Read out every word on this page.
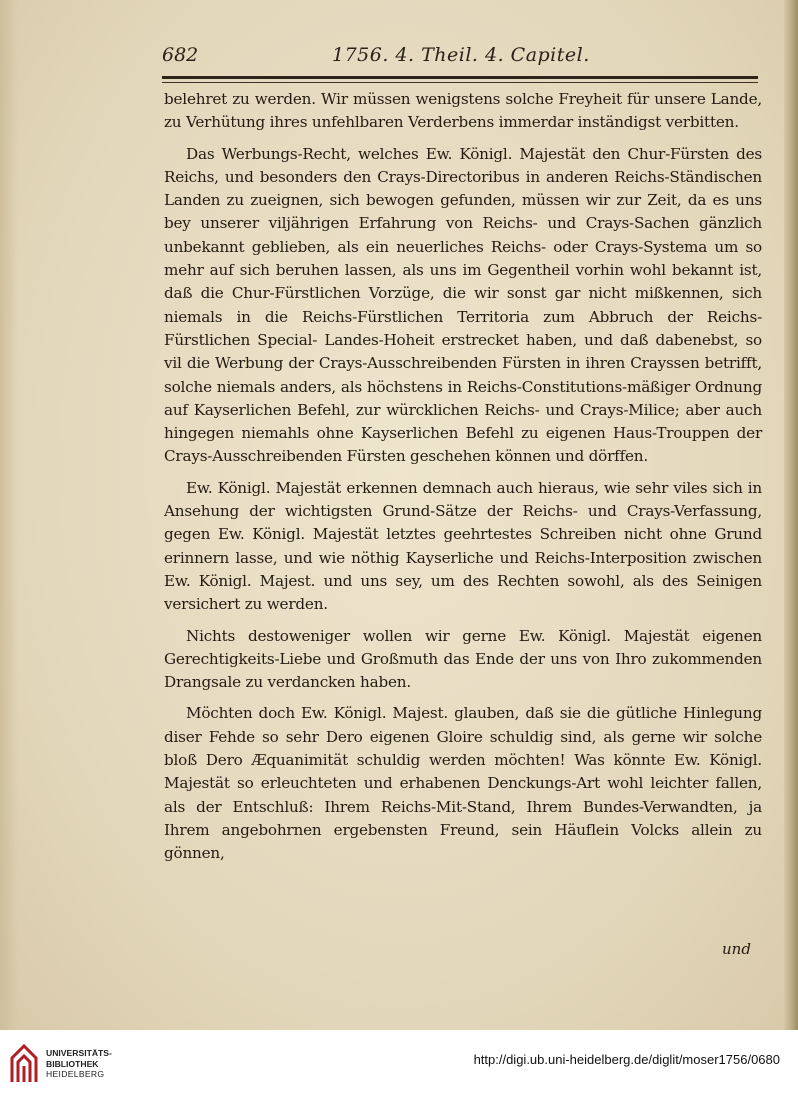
682	1756. 4. Theil. 4. Capitel.

belehret zu werden. Wir müssen wenigstens solche Freyheit für unsere Lande, zu Verhütung ihres unfehlbaren Verderbens immerdar inständigst verbitten.

Das Werbungs-Recht, welches Ew. Königl. Majestät den Chur-Fürsten des Reichs, und besonders den Crays-Directoribus in anderen Reichs-Ständischen Landen zu zueignen, sich bewogen gefunden, müssen wir zur Zeit, da es uns bey unserer viljährigen Erfahrung von Reichs- und Crays-Sachen gänzlich unbekannt geblieben, als ein neuerliches Reichs- oder Crays-Systema um so mehr auf sich beruhen lassen, als uns im Gegentheil vorhin wohl bekannt ist, daß die Chur-Fürstlichen Vorzüge, die wir sonst gar nicht mißkennen, sich niemals in die Reichs-Fürstlichen Territoria zum Abbruch der Reichs-Fürstlichen Special- Landes-Hoheit erstrecket haben, und daß dabenebst, so vil die Werbung der Crays-Ausschreibenden Fürsten in ihren Crayssen betrifft, solche niemals anders, als höchstens in Reichs-Constitutions-mäßiger Ordnung auf Kayserlichen Befehl, zur würcklichen Reichs- und Crays-Milice; aber auch hingegen niemahls ohne Kayserlichen Befehl zu eigenen Haus-Trouppen der Crays-Ausschreibenden Fürsten geschehen können und dörffen.

Ew. Königl. Majestät erkennen demnach auch hieraus, wie sehr viles sich in Ansehung der wichtigsten Grund-Sätze der Reichs- und Crays-Verfassung, gegen Ew. Königl. Majestät letztes geehrtestes Schreiben nicht ohne Grund erinnern lasse, und wie nöthig Kayserliche und Reichs-Interposition zwischen Ew. Königl. Majest. und uns sey, um des Rechten sowohl, als des Seinigen versichert zu werden.

Nichts destoweniger wollen wir gerne Ew. Königl. Majestät eigenen Gerechtigkeits-Liebe und Großmuth das Ende der uns von Ihro zukommenden Drangsale zu verdancken haben.

Möchten doch Ew. Königl. Majest. glauben, daß sie die gütliche Hinlegung diser Fehde so sehr Dero eigenen Gloire schuldig sind, als gerne wir solche bloß Dero Æquanimität schuldig werden möchten! Was könnte Ew. Königl. Majestät so erleuchteten und erhabenen Denckungs-Art wohl leichter fallen, als der Entschluß: Ihrem Reichs-Mit-Stand, Ihrem Bundes-Verwandten, ja Ihrem angebohrnen ergebensten Freund, sein Häuflein Volcks allein zu gönnen,

und
UNIVERSITÄTS-
BIBLIOTHEK
HEIDELBERG
http://digi.ub.uni-heidelberg.de/diglit/moser1756/0680
